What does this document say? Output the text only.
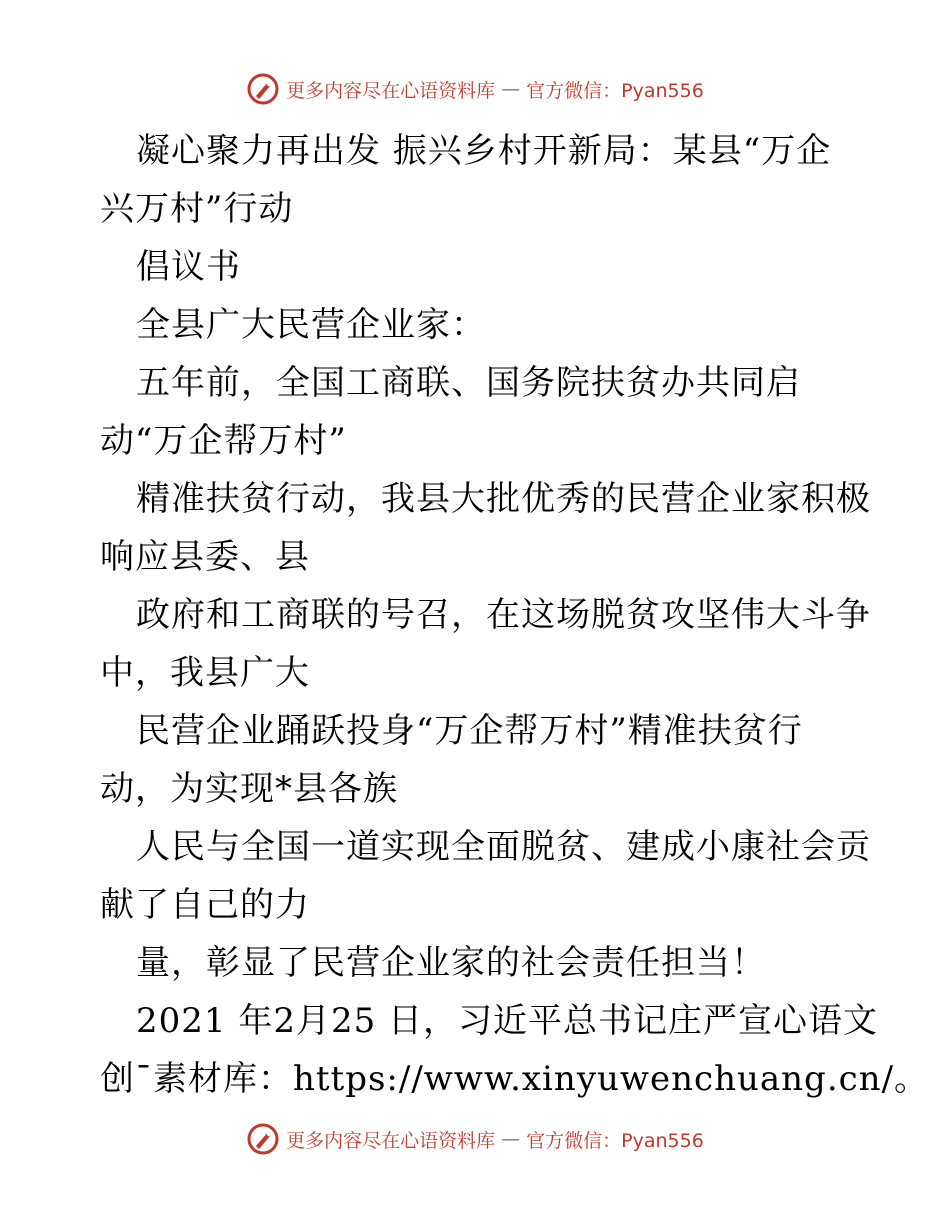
更多内容尽在心语资料库 — 官方微信：Pyan556
凝心聚力再出发 振兴乡村开新局：某县“万企
兴万村”行动
倡议书
全县广大民营企业家：
五年前，全国工商联、国务院扶贫办共同启
动“万企帮万村”
精准扶贫行动，我县大批优秀的民营企业家积极
响应县委、县
政府和工商联的号召，在这场脱贫攻坚伟大斗争
中，我县广大
民营企业踊跃投身“万企帮万村”精准扶贫行
动，为实现*县各族
人民与全国一道实现全面脱贫、建成小康社会贡
献了自己的力
量，彰显了民营企业家的社会责任担当！
2021 年2月25 日，习近平总书记庄严宣心语文
创¯素材库：https://www.xinyuwenchuang.cn/。
更多内容尽在心语资料库 — 官方微信：Pyan556
